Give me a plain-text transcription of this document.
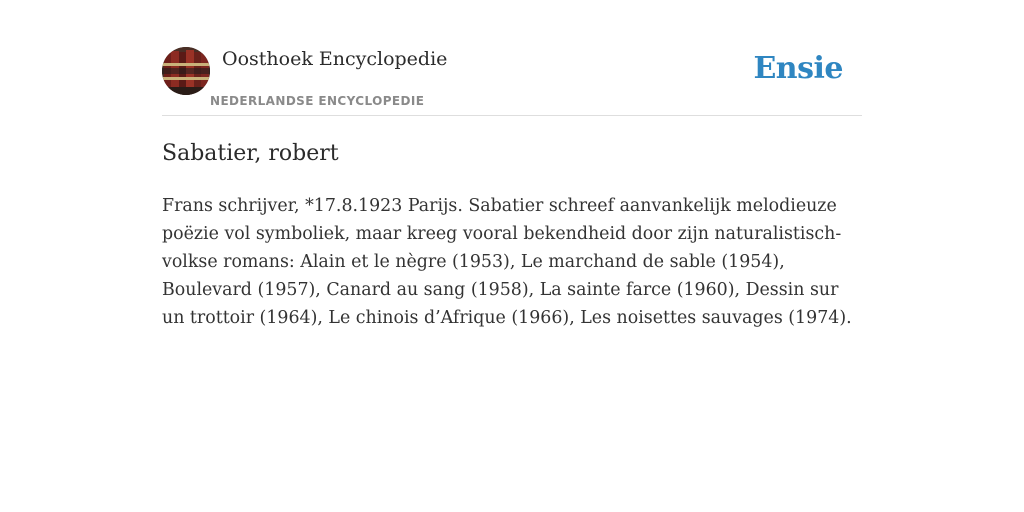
Oosthoek Encyclopedie
NEDERLANDSE ENCYCLOPEDIE
Ensie
Sabatier, robert

Frans schrijver, *17.8.1923 Parijs. Sabatier schreef aanvankelijk melodieuze poëzie vol symboliek, maar kreeg vooral bekendheid door zijn naturalistisch-volkse romans: Alain et le nègre (1953), Le marchand de sable (1954), Boulevard (1957), Canard au sang (1958), La sainte farce (1960), Dessin sur un trottoir (1964), Le chinois d’Afrique (1966), Les noisettes sauvages (1974).
